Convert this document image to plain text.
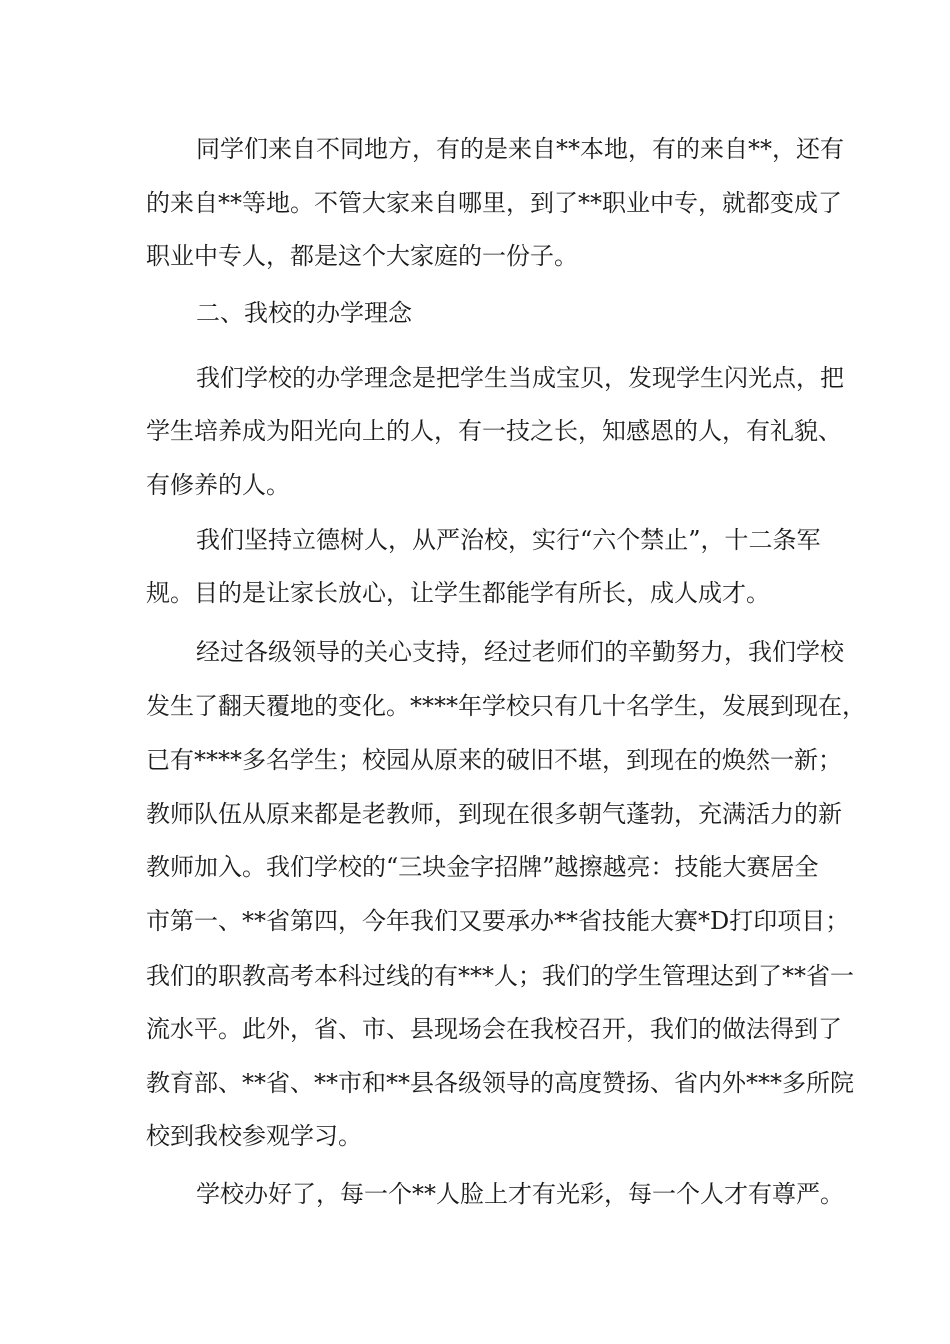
同学们来自不同地方，有的是来自**本地，有的来自**，还有
的来自**等地。不管大家来自哪里，到了**职业中专，就都变成了
职业中专人，都是这个大家庭的一份子。
二、我校的办学理念
我们学校的办学理念是把学生当成宝贝，发现学生闪光点，把
学生培养成为阳光向上的人，有一技之长，知感恩的人，有礼貌、
有修养的人。
我们坚持立德树人，从严治校，实行“六个禁止”，十二条军
规。目的是让家长放心，让学生都能学有所长，成人成才。
经过各级领导的关心支持，经过老师们的辛勤努力，我们学校
发生了翻天覆地的变化。****年学校只有几十名学生，发展到现在，
已有****多名学生；校园从原来的破旧不堪，到现在的焕然一新；
教师队伍从原来都是老教师，到现在很多朝气蓬勃，充满活力的新
教师加入。我们学校的“三块金字招牌”越擦越亮：技能大赛居全
市第一、**省第四，今年我们又要承办**省技能大赛*D打印项目；
我们的职教高考本科过线的有***人；我们的学生管理达到了**省一
流水平。此外，省、市、县现场会在我校召开，我们的做法得到了
教育部、**省、**市和**县各级领导的高度赞扬、省内外***多所院
校到我校参观学习。
学校办好了，每一个**人脸上才有光彩，每一个人才有尊严。
